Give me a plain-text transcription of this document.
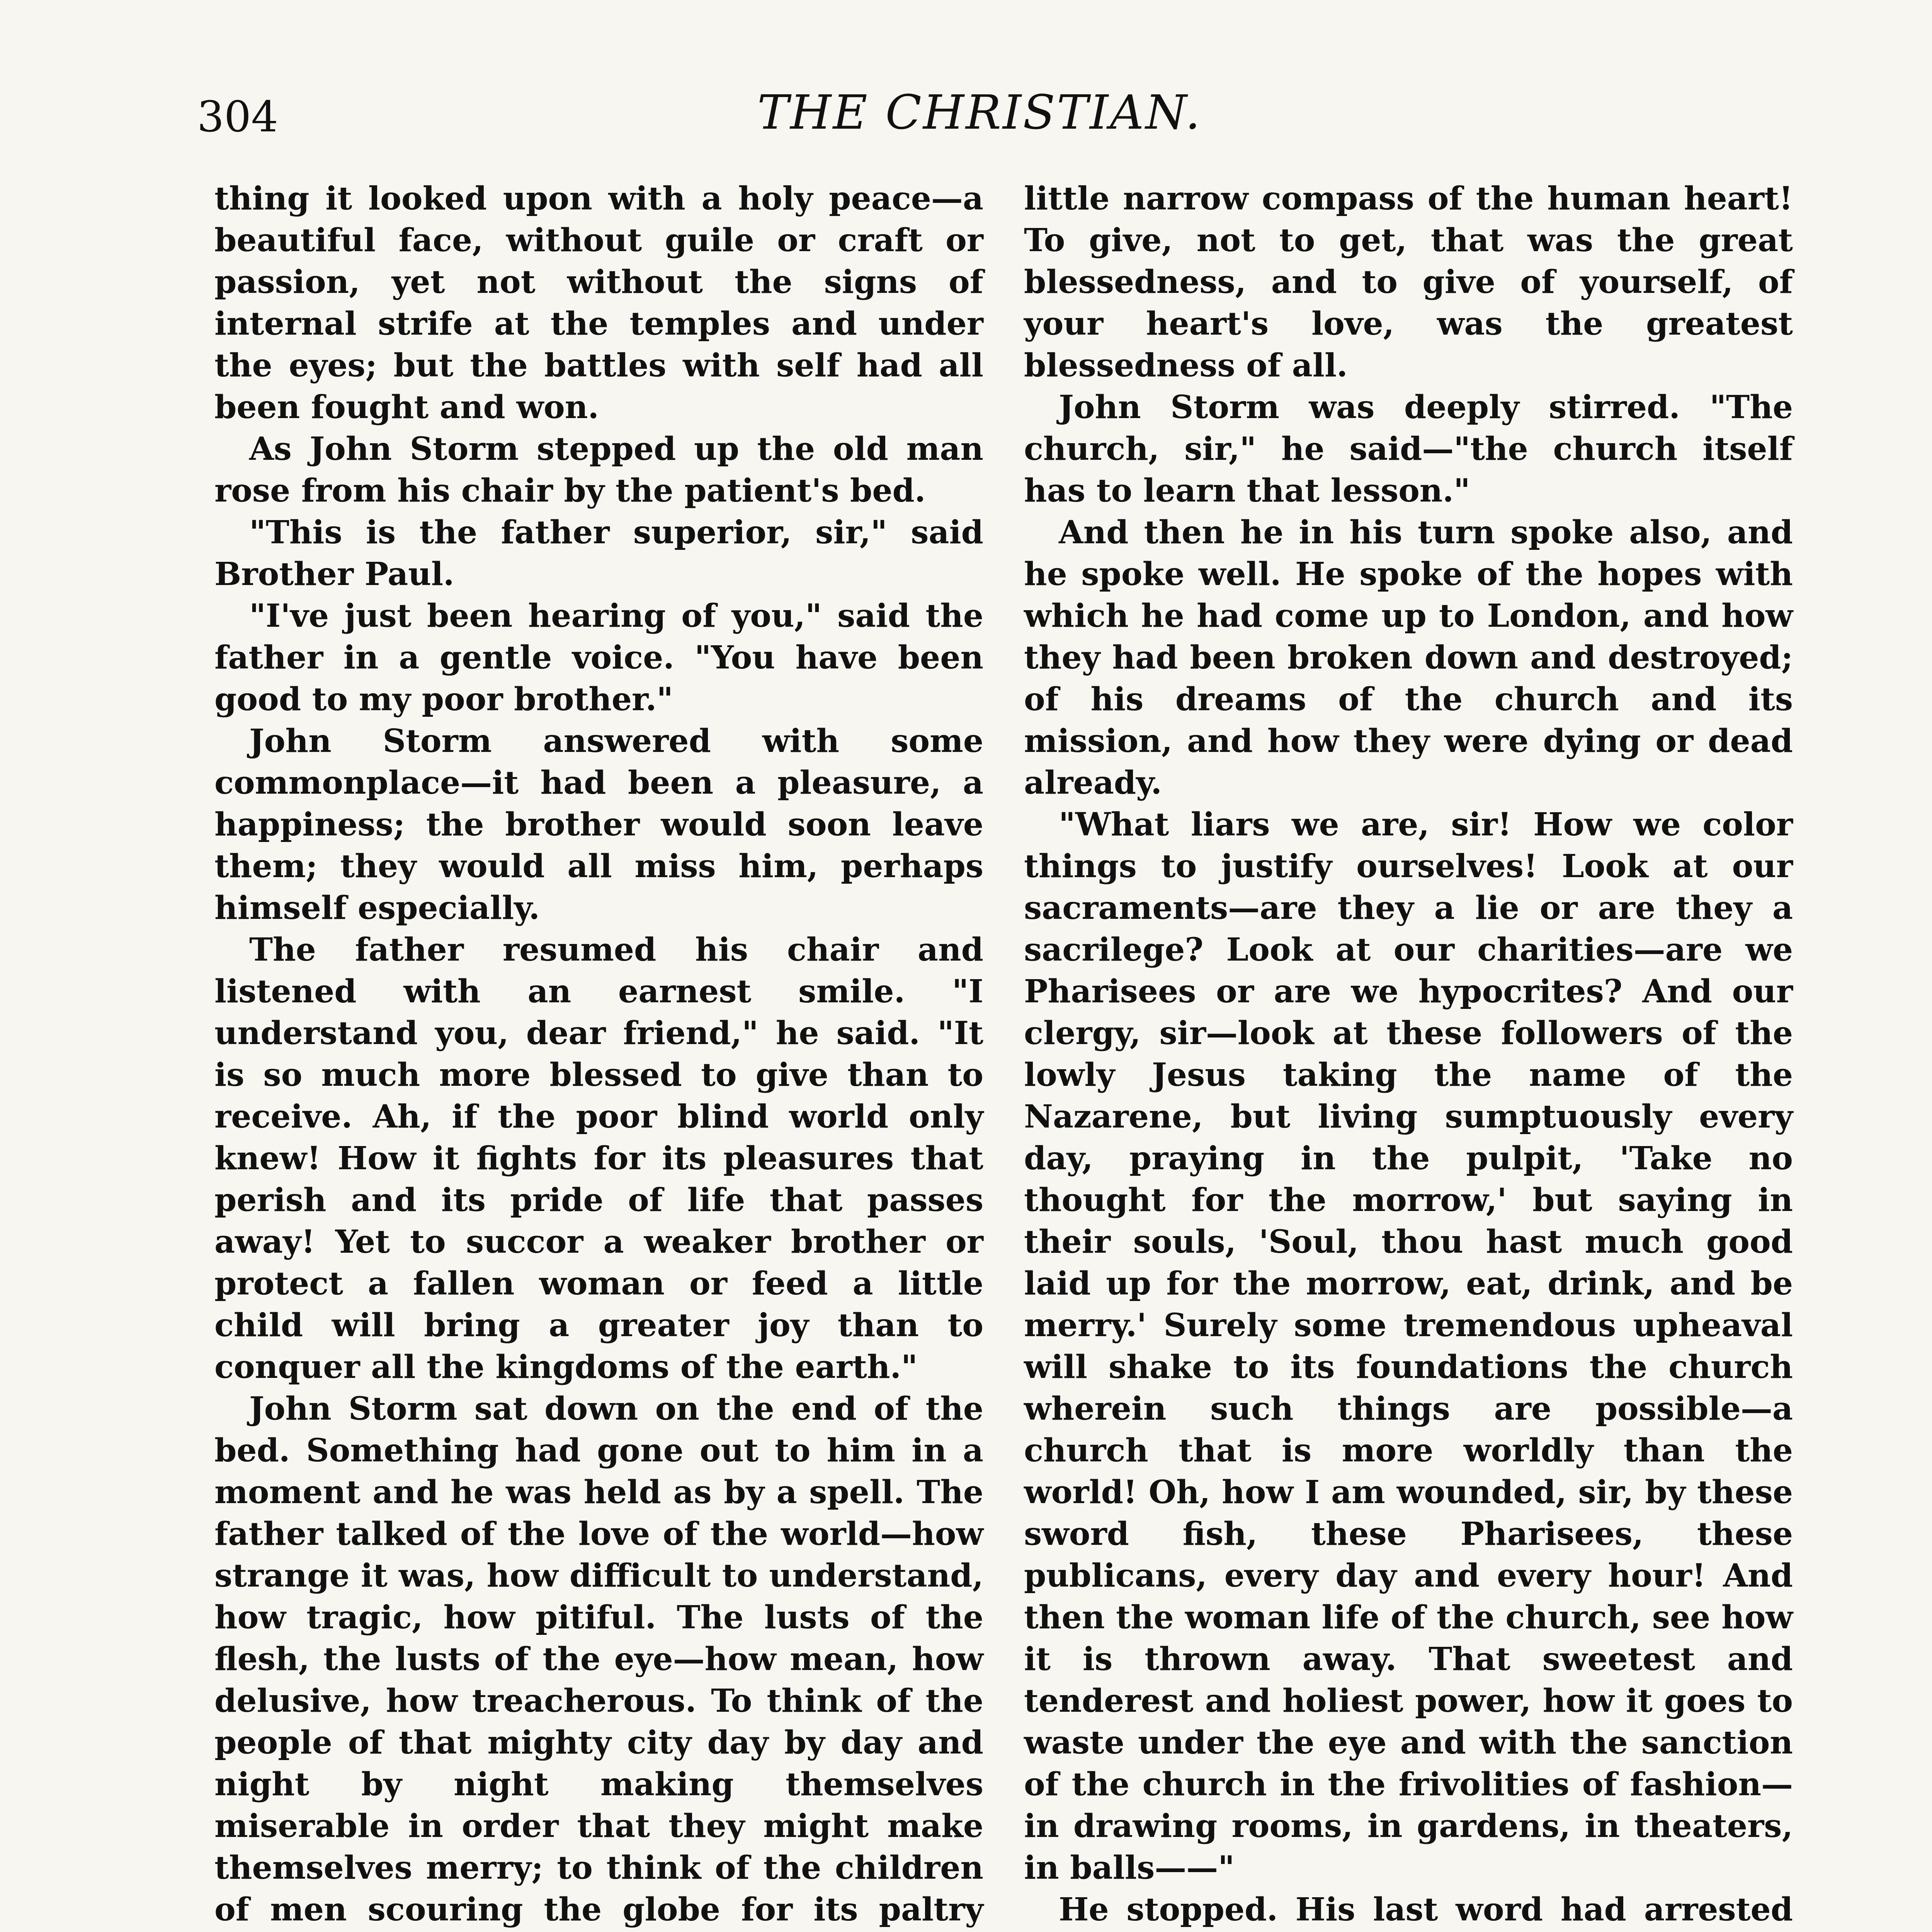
304	THE CHRISTIAN.

thing it looked upon with a holy peace—a beautiful face, without guile or craft or passion, yet not without the signs of internal strife at the temples and under the eyes; but the battles with self had all been fought and won.

As John Storm stepped up the old man rose from his chair by the patient's bed.

"This is the father superior, sir," said Brother Paul.

"I've just been hearing of you," said the father in a gentle voice. "You have been good to my poor brother."

John Storm answered with some commonplace—it had been a pleasure, a happiness; the brother would soon leave them; they would all miss him, perhaps himself especially.

The father resumed his chair and listened with an earnest smile. "I understand you, dear friend," he said. "It is so much more blessed to give than to receive. Ah, if the poor blind world only knew! How it fights for its pleasures that perish and its pride of life that passes away! Yet to succor a weaker brother or protect a fallen woman or feed a little child will bring a greater joy than to conquer all the kingdoms of the earth."

John Storm sat down on the end of the bed. Something had gone out to him in a moment and he was held as by a spell. The father talked of the love of the world—how strange it was, how difficult to understand, how tragic, how pitiful. The lusts of the flesh, the lusts of the eye—how mean, how delusive, how treacherous. To think of the people of that mighty city day by day and night by night making themselves miserable in order that they might make themselves merry; to think of the children of men scouring the globe for its paltry

little narrow compass of the human heart! To give, not to get, that was the great blessedness, and to give of yourself, of your heart's love, was the greatest blessedness of all.

John Storm was deeply stirred. "The church, sir," he said—"the church itself has to learn that lesson."

And then he in his turn spoke also, and he spoke well. He spoke of the hopes with which he had come up to London, and how they had been broken down and destroyed; of his dreams of the church and its mission, and how they were dying or dead already.

"What liars we are, sir! How we color things to justify ourselves! Look at our sacraments—are they a lie or are they a sacrilege? Look at our charities—are we Pharisees or are we hypocrites? And our clergy, sir—look at these followers of the lowly Jesus taking the name of the Nazarene, but living sumptuously every day, praying in the pulpit, 'Take no thought for the morrow,' but saying in their souls, 'Soul, thou hast much good laid up for the morrow, eat, drink, and be merry.' Surely some tremendous upheaval will shake to its foundations the church wherein such things are possible—a church that is more worldly than the world! Oh, how I am wounded, sir, by these sword fish, these Pharisees, these publicans, every day and every hour! And then the woman life of the church, see how it is thrown away. That sweetest and tenderest and holiest power, how it goes to waste under the eye and with the sanction of the church in the frivolities of fashion—in drawing rooms, in gardens, in theaters, in balls——"

He stopped. His last word had arrested
